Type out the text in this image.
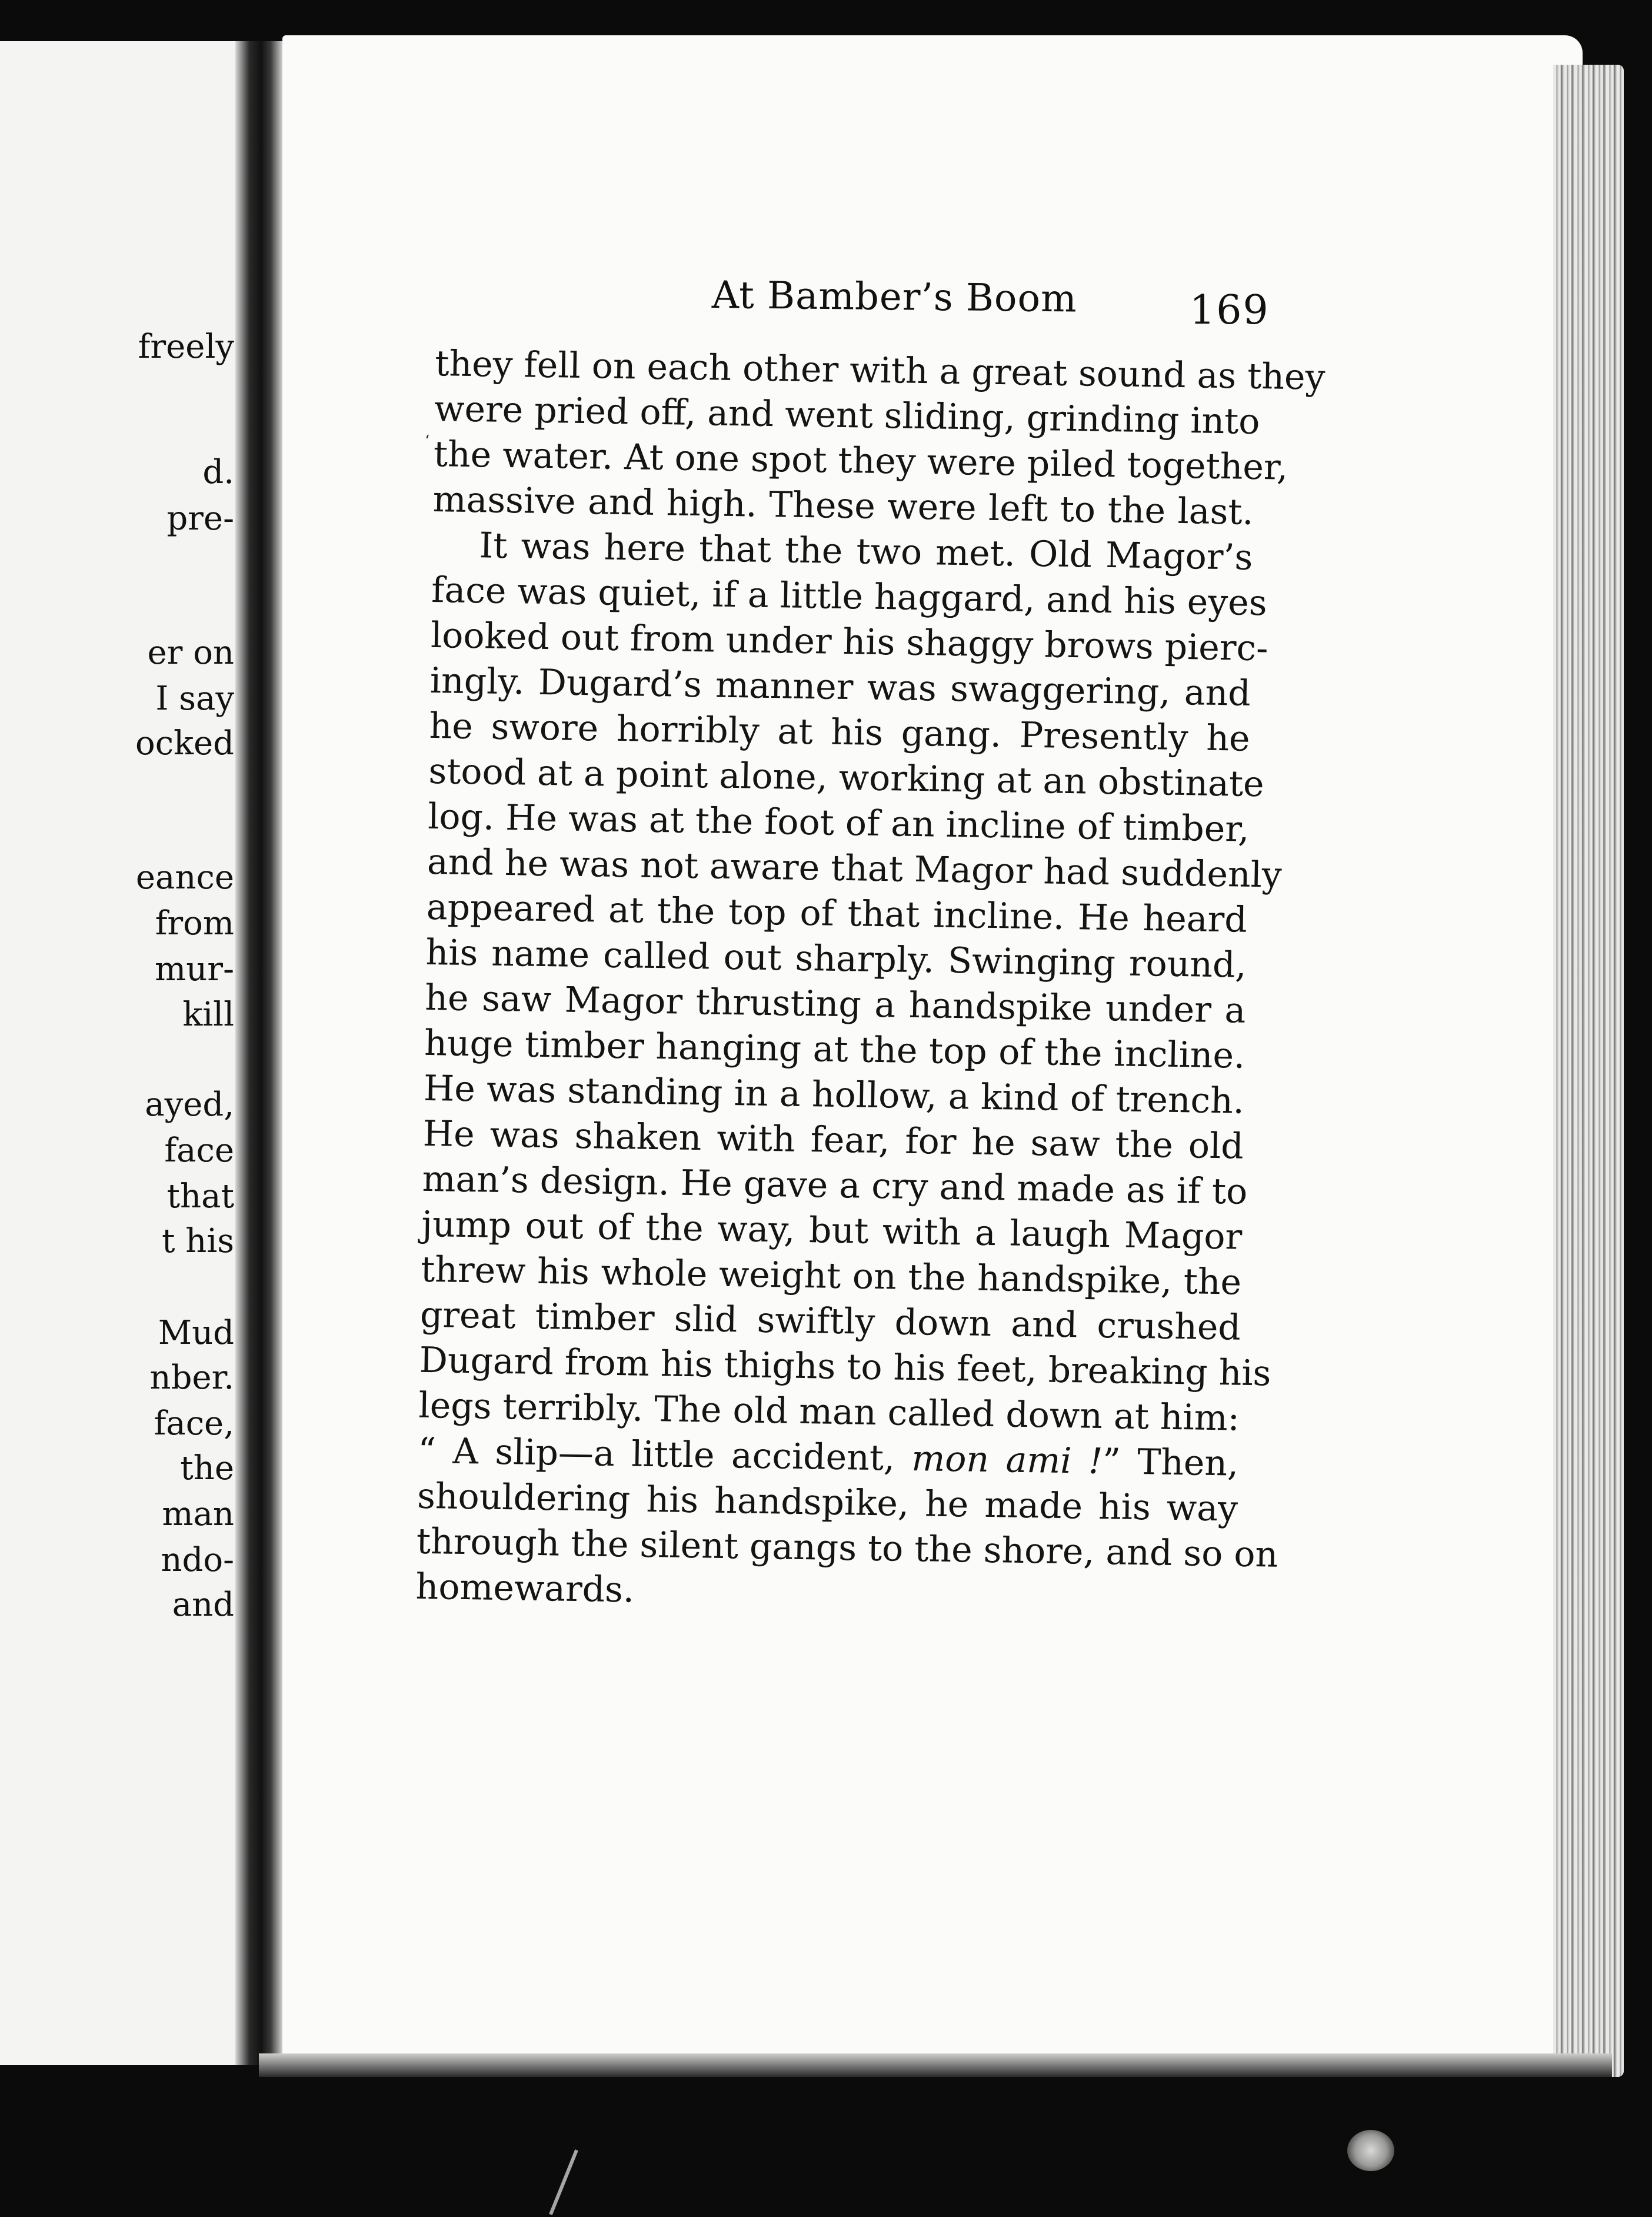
freely
d.
pre-
er on
I say
ocked
eance
from
mur-
kill
ayed,
face
that
t his
Mud
nber.
face,
the
man
ndo-
and
ʻ
At Bamber’s Boom	169
they fell on each other with a great sound as they
were pried off, and went sliding, grinding into
the water. At one spot they were piled together,
massive and high. These were left to the last.
It was here that the two met. Old Magor’s
face was quiet, if a little haggard, and his eyes
looked out from under his shaggy brows pierc-
ingly. Dugard’s manner was swaggering, and
he swore horribly at his gang. Presently he
stood at a point alone, working at an obstinate
log. He was at the foot of an incline of timber,
and he was not aware that Magor had suddenly
appeared at the top of that incline. He heard
his name called out sharply. Swinging round,
he saw Magor thrusting a handspike under a
huge timber hanging at the top of the incline.
He was standing in a hollow, a kind of trench.
He was shaken with fear, for he saw the old
man’s design. He gave a cry and made as if to
jump out of the way, but with a laugh Magor
threw his whole weight on the handspike, the
great timber slid swiftly down and crushed
Dugard from his thighs to his feet, breaking his
legs terribly. The old man called down at him:
“ A slip—a little accident, mon ami !” Then,
shouldering his handspike, he made his way
through the silent gangs to the shore, and so on
homewards.
